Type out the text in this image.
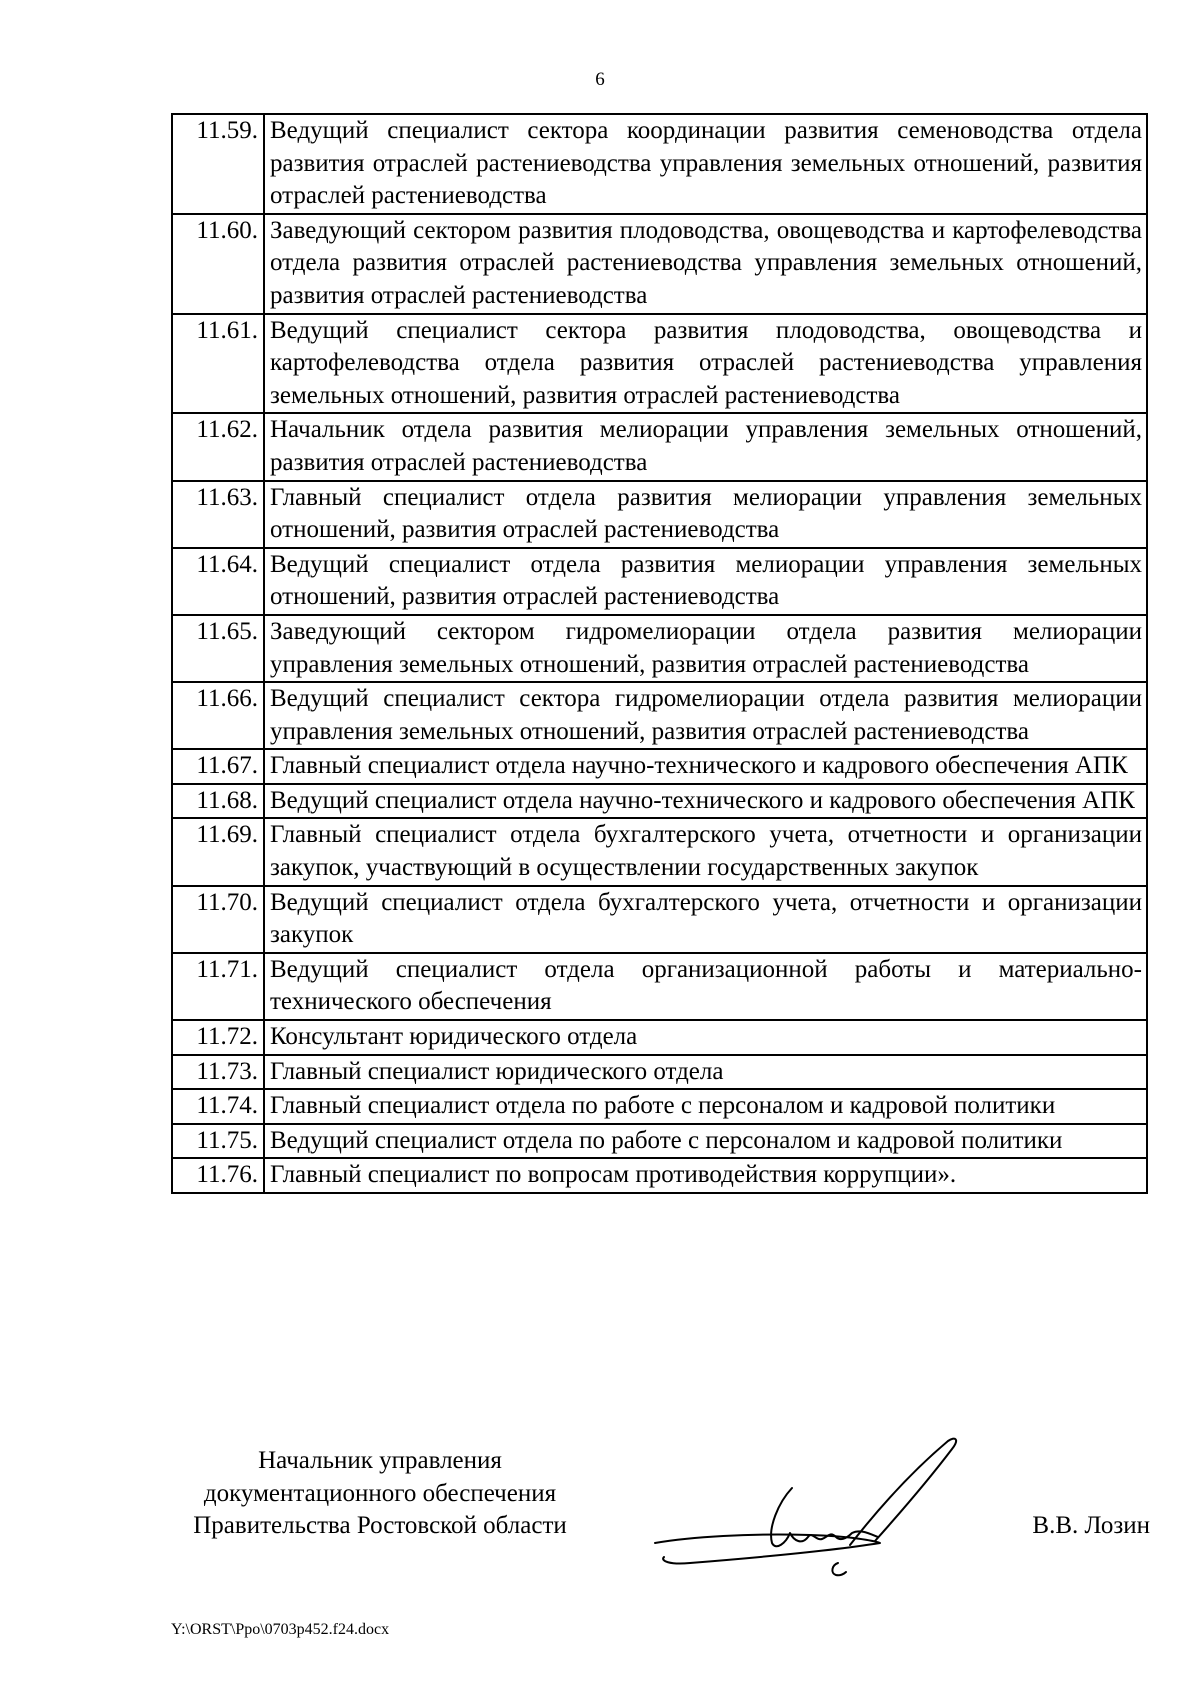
6
11.59.	Ведущий специалист сектора координации развития семеноводства отдела развития отраслей растениеводства управления земельных отношений, развития отраслей растениеводства
11.60.	Заведующий сектором развития плодоводства, овощеводства и картофелеводства отдела развития отраслей растениеводства управления земельных отношений, развития отраслей растениеводства
11.61.	Ведущий специалист сектора развития плодоводства, овощеводства и картофелеводства отдела развития отраслей растениеводства управления земельных отношений, развития отраслей растениеводства
11.62.	Начальник отдела развития мелиорации управления земельных отношений, развития отраслей растениеводства
11.63.	Главный специалист отдела развития мелиорации управления земельных отношений, развития отраслей растениеводства
11.64.	Ведущий специалист отдела развития мелиорации управления земельных отношений, развития отраслей растениеводства
11.65.	Заведующий сектором гидромелиорации отдела развития мелиорации управления земельных отношений, развития отраслей растениеводства
11.66.	Ведущий специалист сектора гидромелиорации отдела развития мелиорации управления земельных отношений, развития отраслей растениеводства
11.67.	Главный специалист отдела научно-технического и кадрового обеспечения АПК
11.68.	Ведущий специалист отдела научно-технического и кадрового обеспечения АПК
11.69.	Главный специалист отдела бухгалтерского учета, отчетности и организации закупок, участвующий в осуществлении государственных закупок
11.70.	Ведущий специалист отдела бухгалтерского учета, отчетности и организации закупок
11.71.	Ведущий специалист отдела организационной работы и материально-технического обеспечения
11.72.	Консультант юридического отдела
11.73.	Главный специалист юридического отдела
11.74.	Главный специалист отдела по работе с персоналом и кадровой политики
11.75.	Ведущий специалист отдела по работе с персоналом и кадровой политики
11.76.	Главный специалист по вопросам противодействия коррупции».
Начальник управления
документационного обеспечения
Правительства Ростовской области	В.В. Лозин
Y:\ORST\Ppo\0703p452.f24.docx
